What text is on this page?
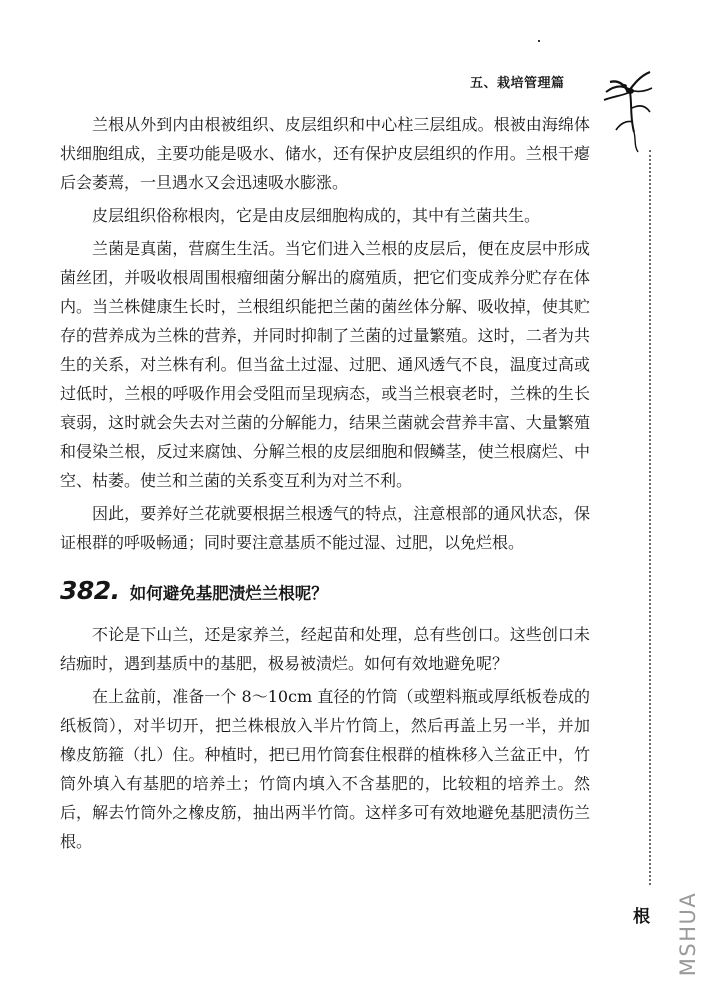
五、栽培管理篇
根 MSHUA

兰根从外到内由根被组织、皮层组织和中心柱三层组成。根被由海绵体状细胞组成，主要功能是吸水、储水，还有保护皮层组织的作用。兰根干瘪后会萎蔫，一旦遇水又会迅速吸水膨涨。

皮层组织俗称根肉，它是由皮层细胞构成的，其中有兰菌共生。

兰菌是真菌，营腐生生活。当它们进入兰根的皮层后，便在皮层中形成菌丝团，并吸收根周围根瘤细菌分解出的腐殖质，把它们变成养分贮存在体内。当兰株健康生长时，兰根组织能把兰菌的菌丝体分解、吸收掉，使其贮存的营养成为兰株的营养，并同时抑制了兰菌的过量繁殖。这时，二者为共生的关系，对兰株有利。但当盆土过湿、过肥、通风透气不良，温度过高或过低时，兰根的呼吸作用会受阻而呈现病态，或当兰根衰老时，兰株的生长衰弱，这时就会失去对兰菌的分解能力，结果兰菌就会营养丰富、大量繁殖和侵染兰根，反过来腐蚀、分解兰根的皮层细胞和假鳞茎，使兰根腐烂、中空、枯萎。使兰和兰菌的关系变互利为对兰不利。

因此，要养好兰花就要根据兰根透气的特点，注意根部的通风状态，保证根群的呼吸畅通；同时要注意基质不能过湿、过肥，以免烂根。

382. 如何避免基肥渍烂兰根呢？

不论是下山兰，还是家养兰，经起苗和处理，总有些创口。这些创口未结痂时，遇到基质中的基肥，极易被渍烂。如何有效地避免呢？

在上盆前，准备一个 8～10cm 直径的竹筒（或塑料瓶或厚纸板卷成的纸板筒），对半切开，把兰株根放入半片竹筒上，然后再盖上另一半，并加橡皮筋箍（扎）住。种植时，把已用竹筒套住根群的植株移入兰盆正中，竹筒外填入有基肥的培养土；竹筒内填入不含基肥的，比较粗的培养土。然后，解去竹筒外之橡皮筋，抽出两半竹筒。这样多可有效地避免基肥渍伤兰根。
